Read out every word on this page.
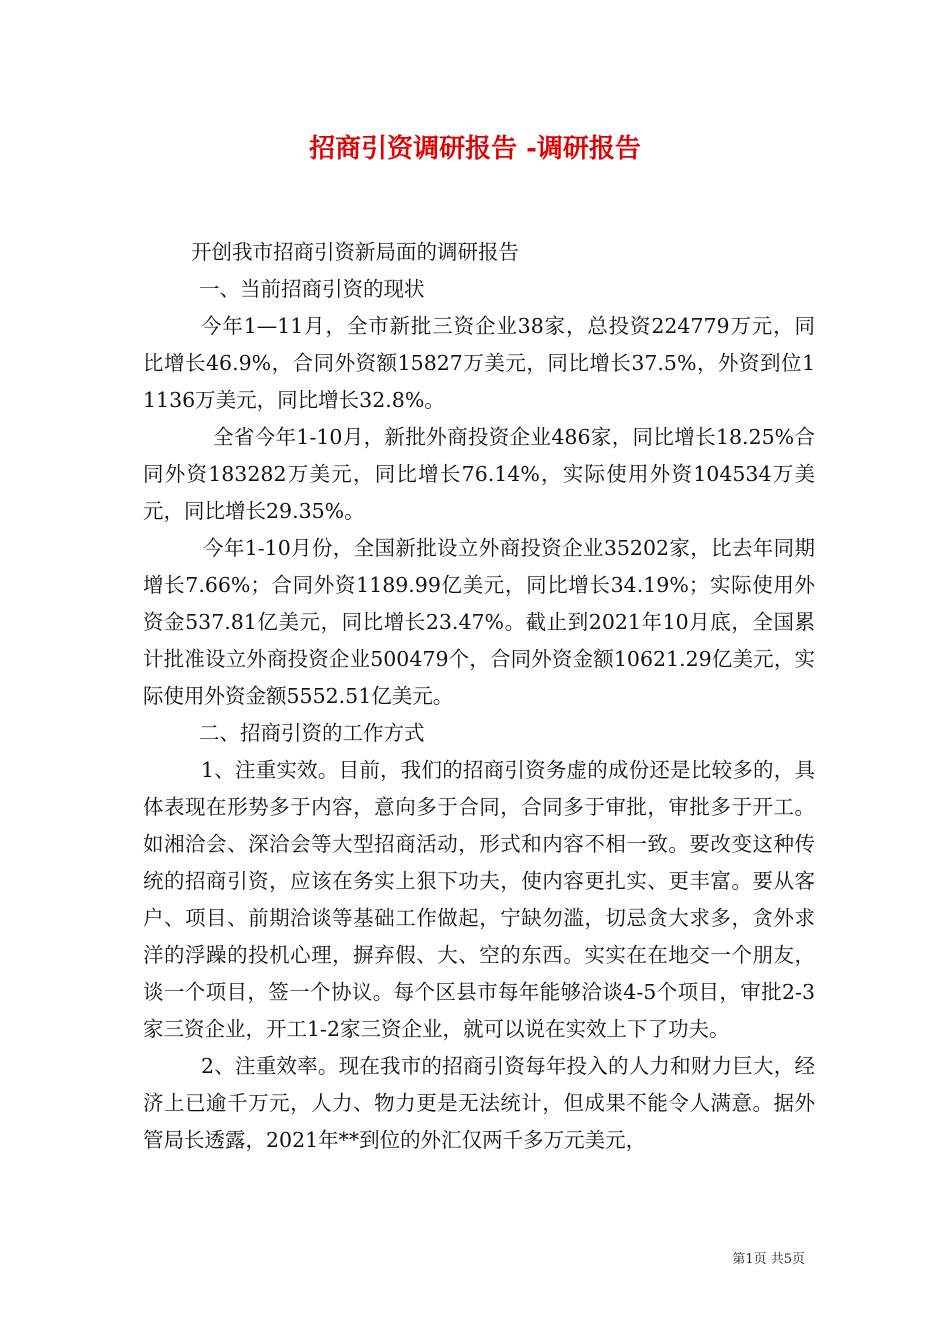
招商引资调研报告 -调研报告

开创我市招商引资新局面的调研报告

一、当前招商引资的现状

今年1—11月，全市新批三资企业38家，总投资224779万元，同比增长46.9%，合同外资额15827万美元，同比增长37.5%，外资到位11136万美元，同比增长32.8%。

全省今年1-10月，新批外商投资企业486家，同比增长18.25%合同外资183282万美元，同比增长76.14%，实际使用外资104534万美元，同比增长29.35%。

今年1-10月份，全国新批设立外商投资企业35202家，比去年同期增长7.66%；合同外资1189.99亿美元，同比增长34.19%；实际使用外资金537.81亿美元，同比增长23.47%。截止到2021年10月底，全国累计批准设立外商投资企业500479个，合同外资金额10621.29亿美元，实际使用外资金额5552.51亿美元。

二、招商引资的工作方式

1、注重实效。目前，我们的招商引资务虚的成份还是比较多的，具体表现在形势多于内容，意向多于合同，合同多于审批，审批多于开工。如湘洽会、深洽会等大型招商活动，形式和内容不相一致。要改变这种传统的招商引资，应该在务实上狠下功夫，使内容更扎实、更丰富。要从客户、项目、前期洽谈等基础工作做起，宁缺勿滥，切忌贪大求多，贪外求洋的浮躁的投机心理，摒弃假、大、空的东西。实实在在地交一个朋友，谈一个项目，签一个协议。每个区县市每年能够洽谈4-5个项目，审批2-3家三资企业，开工1-2家三资企业，就可以说在实效上下了功夫。

2、注重效率。现在我市的招商引资每年投入的人力和财力巨大，经济上已逾千万元，人力、物力更是无法统计，但成果不能令人满意。据外管局长透露，2021年**到位的外汇仅两千多万元美元，

第1页 共5页
